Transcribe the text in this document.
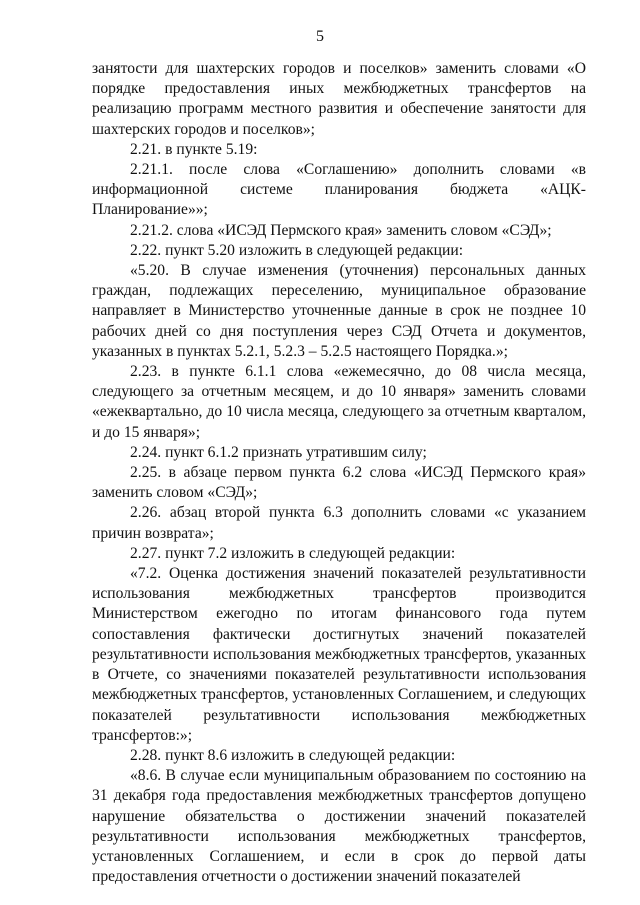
5

занятости для шахтерских городов и поселков» заменить словами «О порядке предоставления иных межбюджетных трансфертов на реализацию программ местного развития и обеспечение занятости для шахтерских городов и поселков»;

2.21. в пункте 5.19:

2.21.1. после слова «Соглашению» дополнить словами «в информационной системе планирования бюджета «АЦК-Планирование»»;

2.21.2. слова «ИСЭД Пермского края» заменить словом «СЭД»;

2.22. пункт 5.20 изложить в следующей редакции:

«5.20. В случае изменения (уточнения) персональных данных граждан, подлежащих переселению, муниципальное образование направляет в Министерство уточненные данные в срок не позднее 10 рабочих дней со дня поступления через СЭД Отчета и документов, указанных в пунктах 5.2.1, 5.2.3 – 5.2.5 настоящего Порядка.»;

2.23. в пункте 6.1.1 слова «ежемесячно, до 08 числа месяца, следующего за отчетным месяцем, и до 10 января» заменить словами «ежеквартально, до 10 числа месяца, следующего за отчетным кварталом, и до 15 января»;

2.24. пункт 6.1.2 признать утратившим силу;

2.25. в абзаце первом пункта 6.2 слова «ИСЭД Пермского края» заменить словом «СЭД»;

2.26. абзац второй пункта 6.3 дополнить словами «с указанием причин возврата»;

2.27. пункт 7.2 изложить в следующей редакции:

«7.2. Оценка достижения значений показателей результативности использования межбюджетных трансфертов производится Министерством ежегодно по итогам финансового года путем сопоставления фактически достигнутых значений показателей результативности использования межбюджетных трансфертов, указанных в Отчете, со значениями показателей результативности использования межбюджетных трансфертов, установленных Соглашением, и следующих показателей результативности использования межбюджетных трансфертов:»;

2.28. пункт 8.6 изложить в следующей редакции:

«8.6. В случае если муниципальным образованием по состоянию на 31 декабря года предоставления межбюджетных трансфертов допущено нарушение обязательства о достижении значений показателей результативности использования межбюджетных трансфертов, установленных Соглашением, и если в срок до первой даты предоставления отчетности о достижении значений показателей
